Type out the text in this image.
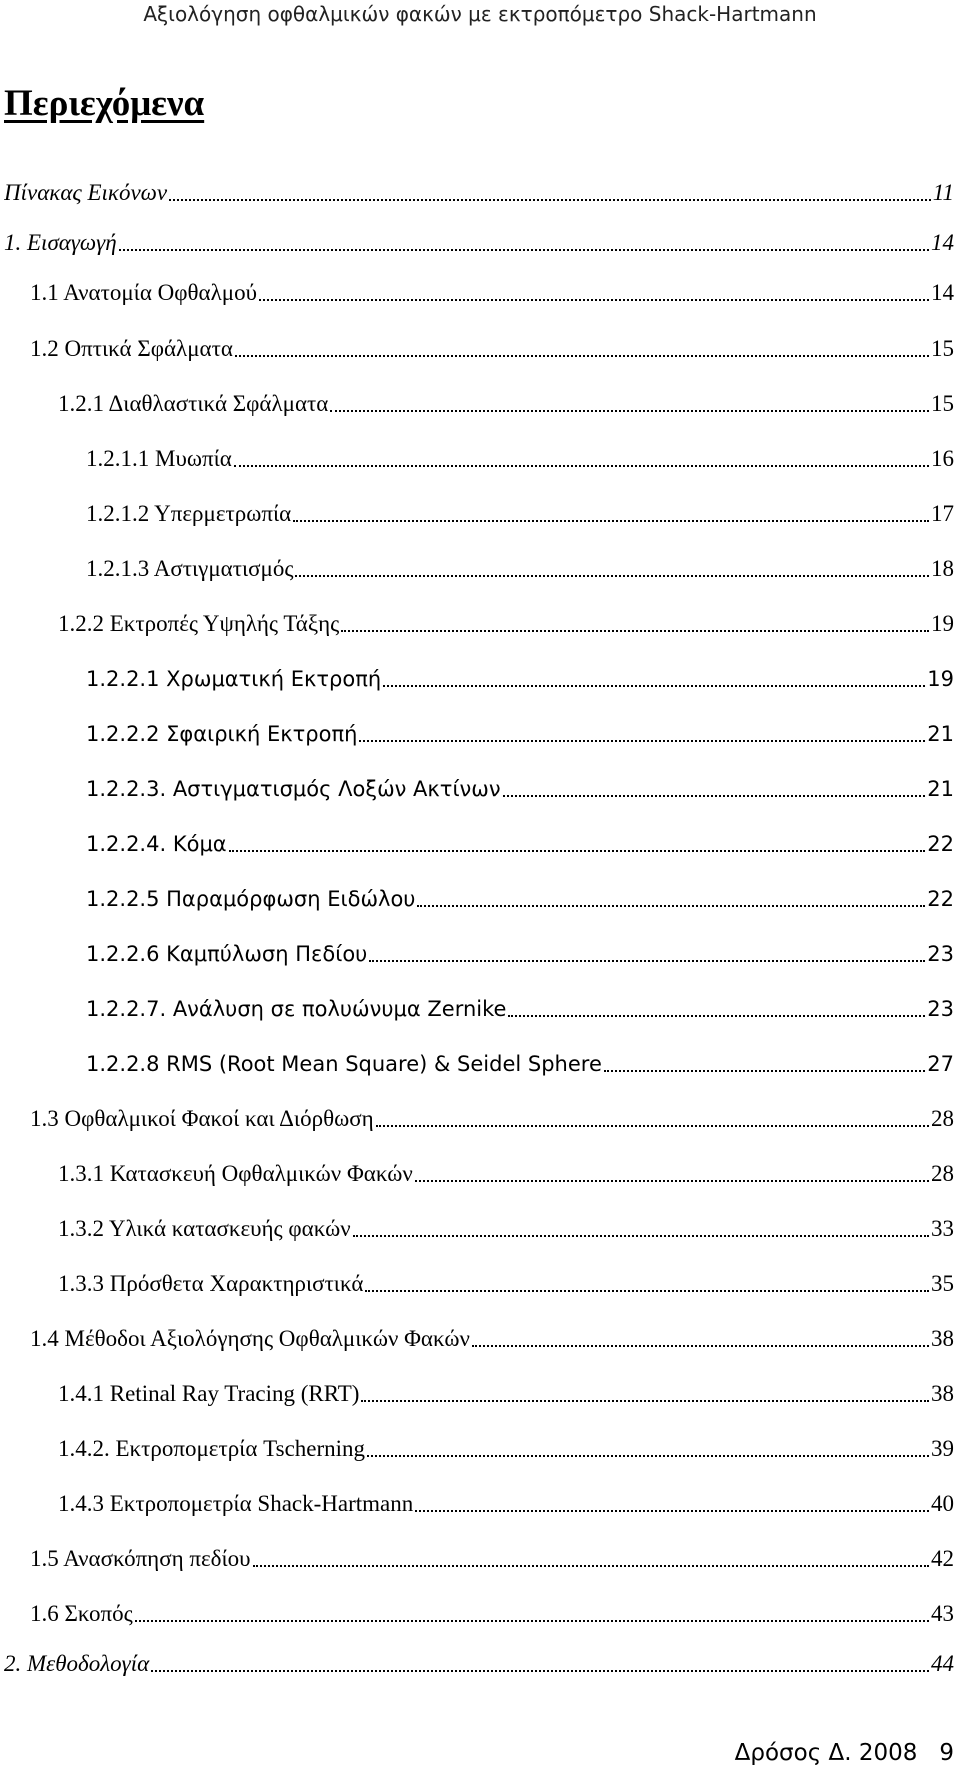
Αξιολόγηση οφθαλμικών φακών με εκτροπόμετρο Shack-Hartmann
Περιεχόμενα
Πίνακας Εικόνων	11
1. Εισαγωγή	14
1.1 Ανατομία Οφθαλμού	14
1.2 Οπτικά Σφάλματα	15
1.2.1 Διαθλαστικά Σφάλματα	15
1.2.1.1 Μυωπία	16
1.2.1.2 Υπερμετρωπία	17
1.2.1.3 Αστιγματισμός	18
1.2.2 Εκτροπές Υψηλής Τάξης	19
1.2.2.1 Χρωματική Εκτροπή	19
1.2.2.2 Σφαιρική Εκτροπή	21
1.2.2.3. Αστιγματισμός Λοξών Ακτίνων	21
1.2.2.4. Κόμα	22
1.2.2.5 Παραμόρφωση Ειδώλου	22
1.2.2.6 Καμπύλωση Πεδίου	23
1.2.2.7. Ανάλυση σε πολυώνυμα Zernike	23
1.2.2.8 RMS (Root Mean Square) & Seidel Sphere	27
1.3 Οφθαλμικοί Φακοί και Διόρθωση	28
1.3.1 Κατασκευή Οφθαλμικών Φακών	28
1.3.2 Υλικά κατασκευής φακών	33
1.3.3 Πρόσθετα Χαρακτηριστικά	35
1.4 Μέθοδοι Αξιολόγησης Οφθαλμικών Φακών	38
1.4.1 Retinal Ray Tracing (RRT)	38
1.4.2. Εκτροπομετρία Tscherning	39
1.4.3 Εκτροπομετρία Shack-Hartmann	40
1.5 Ανασκόπηση πεδίου	42
1.6 Σκοπός	43
2. Μεθοδολογία	44
Δρόσος Δ. 2008 9
